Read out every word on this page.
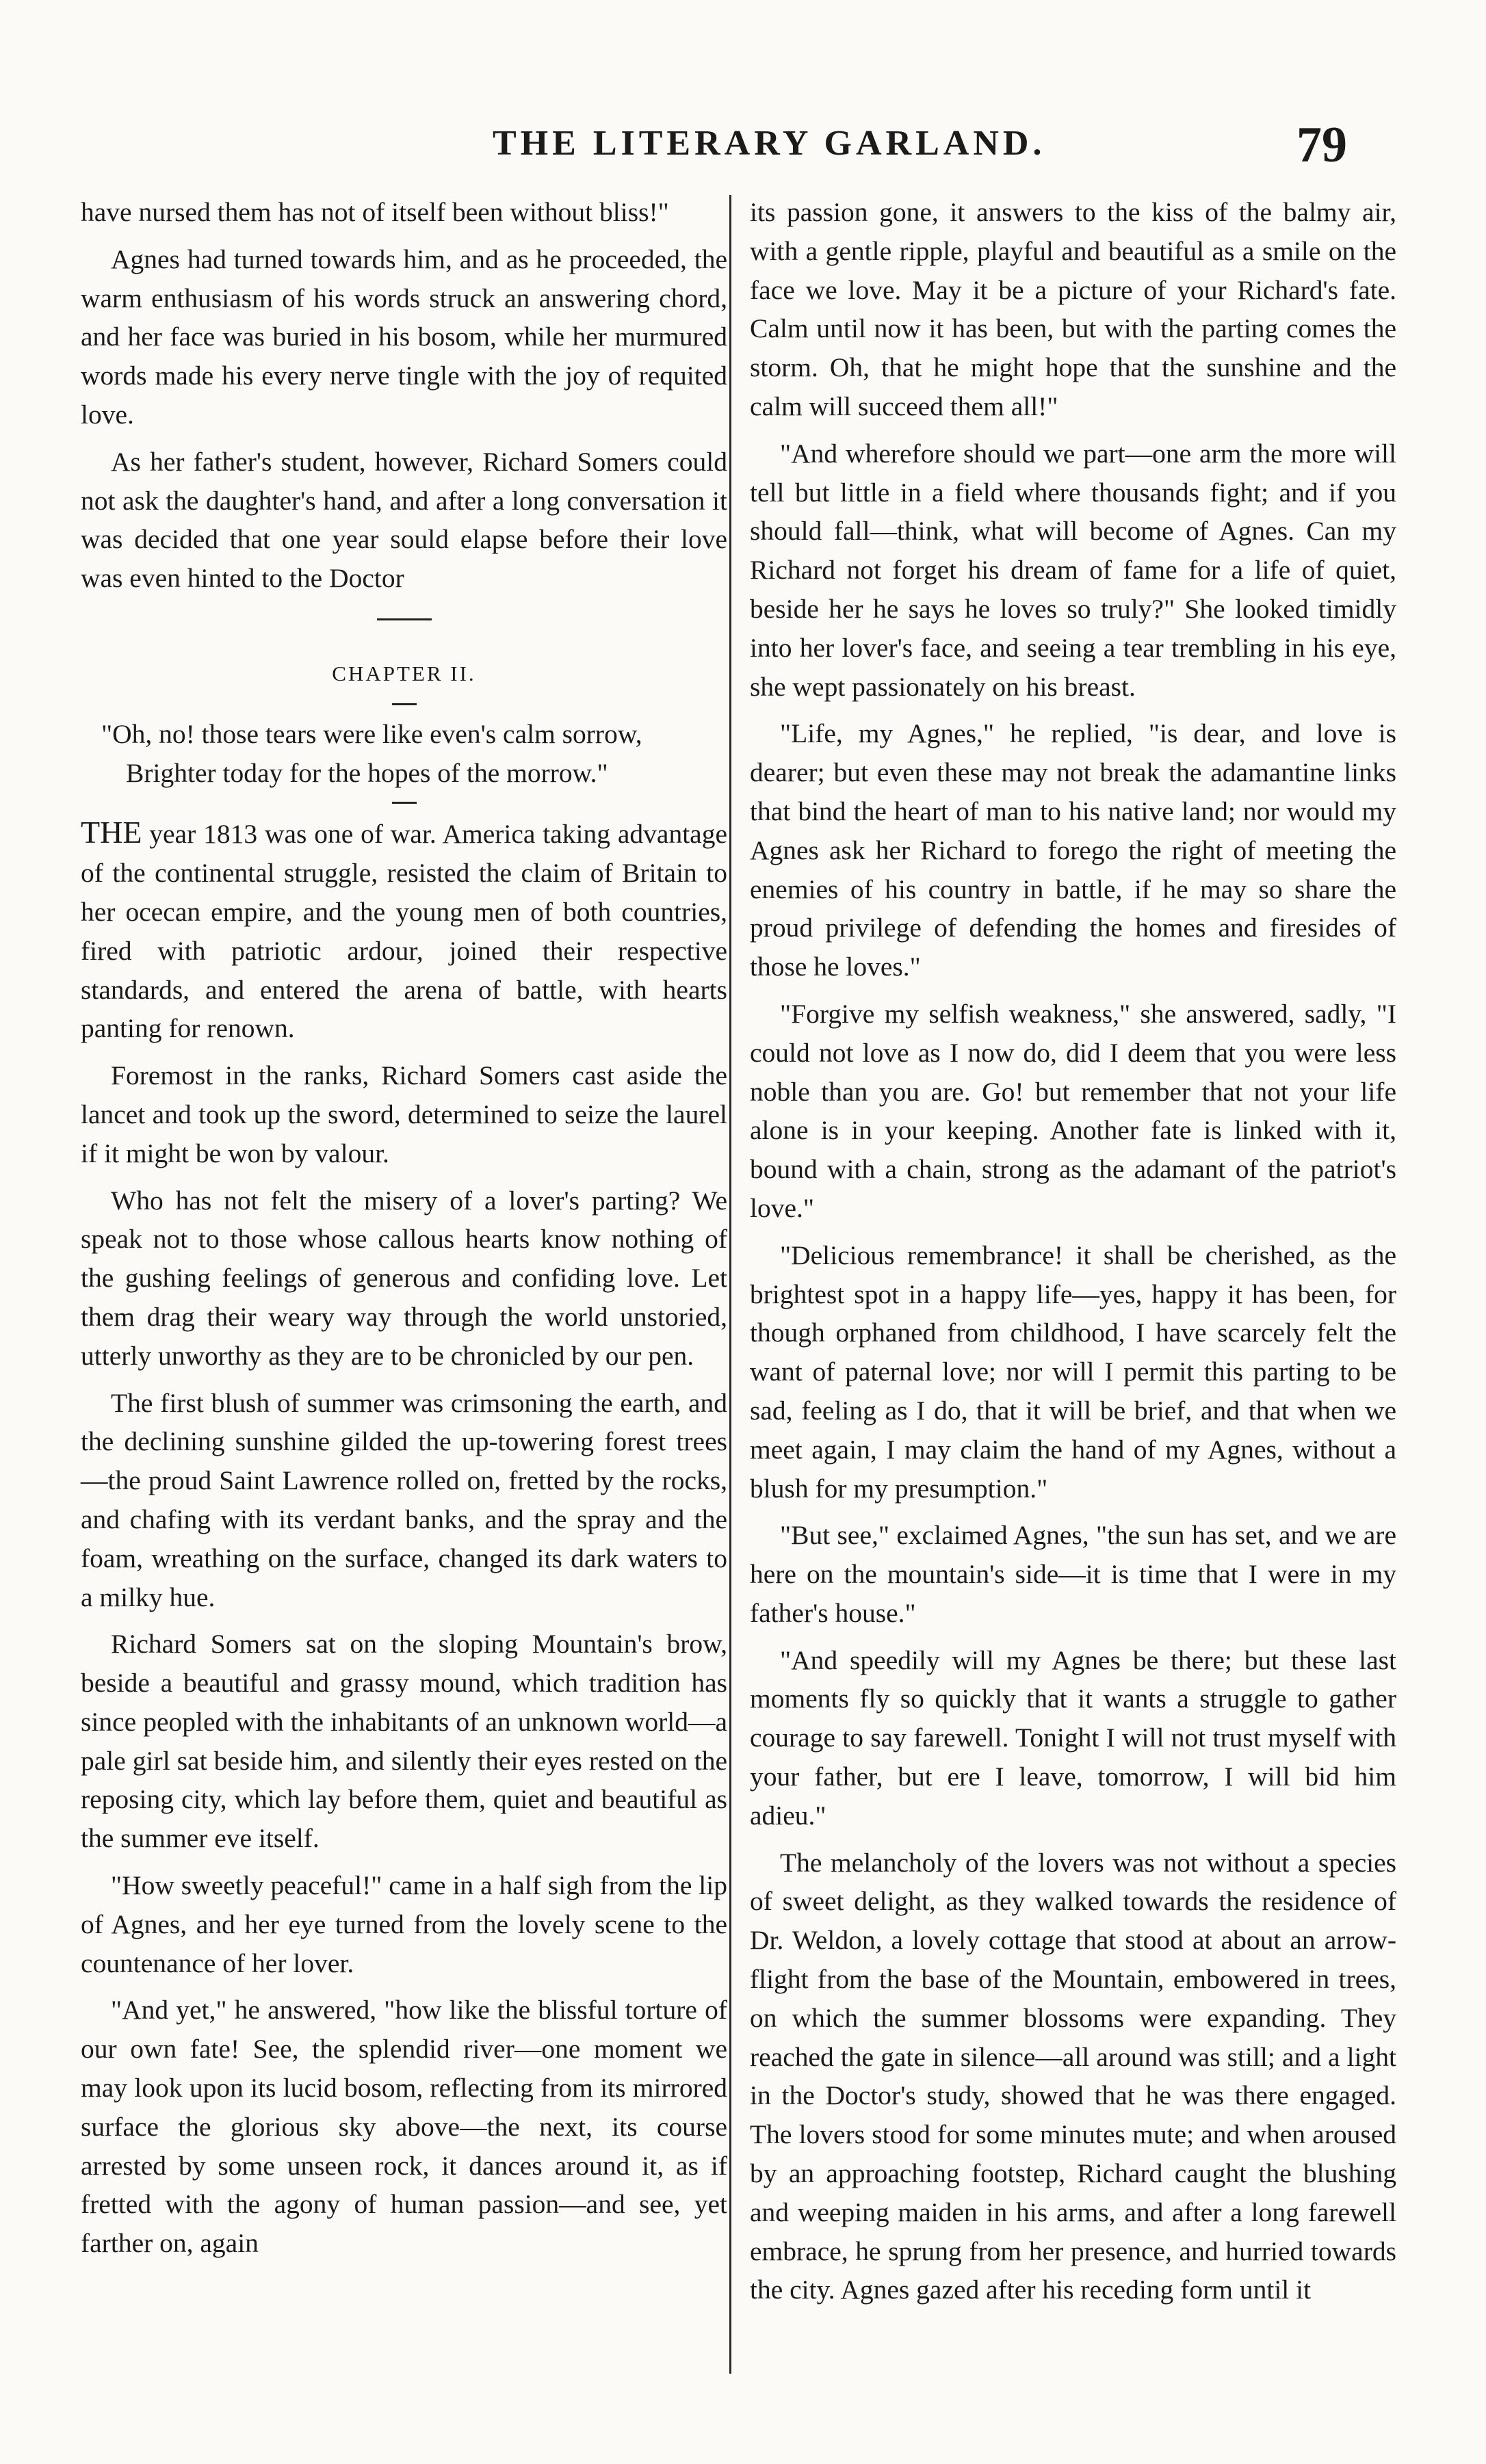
THE LITERARY GARLAND.	79

have nursed them has not of itself been without bliss!"

Agnes had turned towards him, and as he proceeded, the warm enthusiasm of his words struck an answering chord, and her face was buried in his bosom, while her murmured words made his every nerve tingle with the joy of requited love.

As her father's student, however, Richard Somers could not ask the daughter's hand, and after a long conversation it was decided that one year sould elapse before their love was even hinted to the Doctor

CHAPTER II.

"Oh, no! those tears were like even's calm sorrow,
Brighter today for the hopes of the morrow."

THE year 1813 was one of war. America taking advantage of the continental struggle, resisted the claim of Britain to her ocecan empire, and the young men of both countries, fired with patriotic ardour, joined their respective standards, and entered the arena of battle, with hearts panting for renown.

Foremost in the ranks, Richard Somers cast aside the lancet and took up the sword, determined to seize the laurel if it might be won by valour.

Who has not felt the misery of a lover's parting? We speak not to those whose callous hearts know nothing of the gushing feelings of generous and confiding love. Let them drag their weary way through the world unstoried, utterly unworthy as they are to be chronicled by our pen.

The first blush of summer was crimsoning the earth, and the declining sunshine gilded the up-towering forest trees—the proud Saint Lawrence rolled on, fretted by the rocks, and chafing with its verdant banks, and the spray and the foam, wreathing on the surface, changed its dark waters to a milky hue.

Richard Somers sat on the sloping Mountain's brow, beside a beautiful and grassy mound, which tradition has since peopled with the inhabitants of an unknown world—a pale girl sat beside him, and silently their eyes rested on the reposing city, which lay before them, quiet and beautiful as the summer eve itself.

"How sweetly peaceful!" came in a half sigh from the lip of Agnes, and her eye turned from the lovely scene to the countenance of her lover.

"And yet," he answered, "how like the blissful torture of our own fate! See, the splendid river—one moment we may look upon its lucid bosom, reflecting from its mirrored surface the glorious sky above—the next, its course arrested by some unseen rock, it dances around it, as if fretted with the agony of human passion—and see, yet farther on, again

its passion gone, it answers to the kiss of the balmy air, with a gentle ripple, playful and beautiful as a smile on the face we love. May it be a picture of your Richard's fate. Calm until now it has been, but with the parting comes the storm. Oh, that he might hope that the sunshine and the calm will succeed them all!"

"And wherefore should we part—one arm the more will tell but little in a field where thousands fight; and if you should fall—think, what will become of Agnes. Can my Richard not forget his dream of fame for a life of quiet, beside her he says he loves so truly?" She looked timidly into her lover's face, and seeing a tear trembling in his eye, she wept passionately on his breast.

"Life, my Agnes," he replied, "is dear, and love is dearer; but even these may not break the adamantine links that bind the heart of man to his native land; nor would my Agnes ask her Richard to forego the right of meeting the enemies of his country in battle, if he may so share the proud privilege of defending the homes and firesides of those he loves."

"Forgive my selfish weakness," she answered, sadly, "I could not love as I now do, did I deem that you were less noble than you are. Go! but remember that not your life alone is in your keeping. Another fate is linked with it, bound with a chain, strong as the adamant of the patriot's love."

"Delicious remembrance! it shall be cherished, as the brightest spot in a happy life—yes, happy it has been, for though orphaned from childhood, I have scarcely felt the want of paternal love; nor will I permit this parting to be sad, feeling as I do, that it will be brief, and that when we meet again, I may claim the hand of my Agnes, without a blush for my presumption."

"But see," exclaimed Agnes, "the sun has set, and we are here on the mountain's side—it is time that I were in my father's house."

"And speedily will my Agnes be there; but these last moments fly so quickly that it wants a struggle to gather courage to say farewell. Tonight I will not trust myself with your father, but ere I leave, tomorrow, I will bid him adieu."

The melancholy of the lovers was not without a species of sweet delight, as they walked towards the residence of Dr. Weldon, a lovely cottage that stood at about an arrow-flight from the base of the Mountain, embowered in trees, on which the summer blossoms were expanding. They reached the gate in silence—all around was still; and a light in the Doctor's study, showed that he was there engaged. The lovers stood for some minutes mute; and when aroused by an approaching footstep, Richard caught the blushing and weeping maiden in his arms, and after a long farewell embrace, he sprung from her presence, and hurried towards the city. Agnes gazed after his receding form until it
